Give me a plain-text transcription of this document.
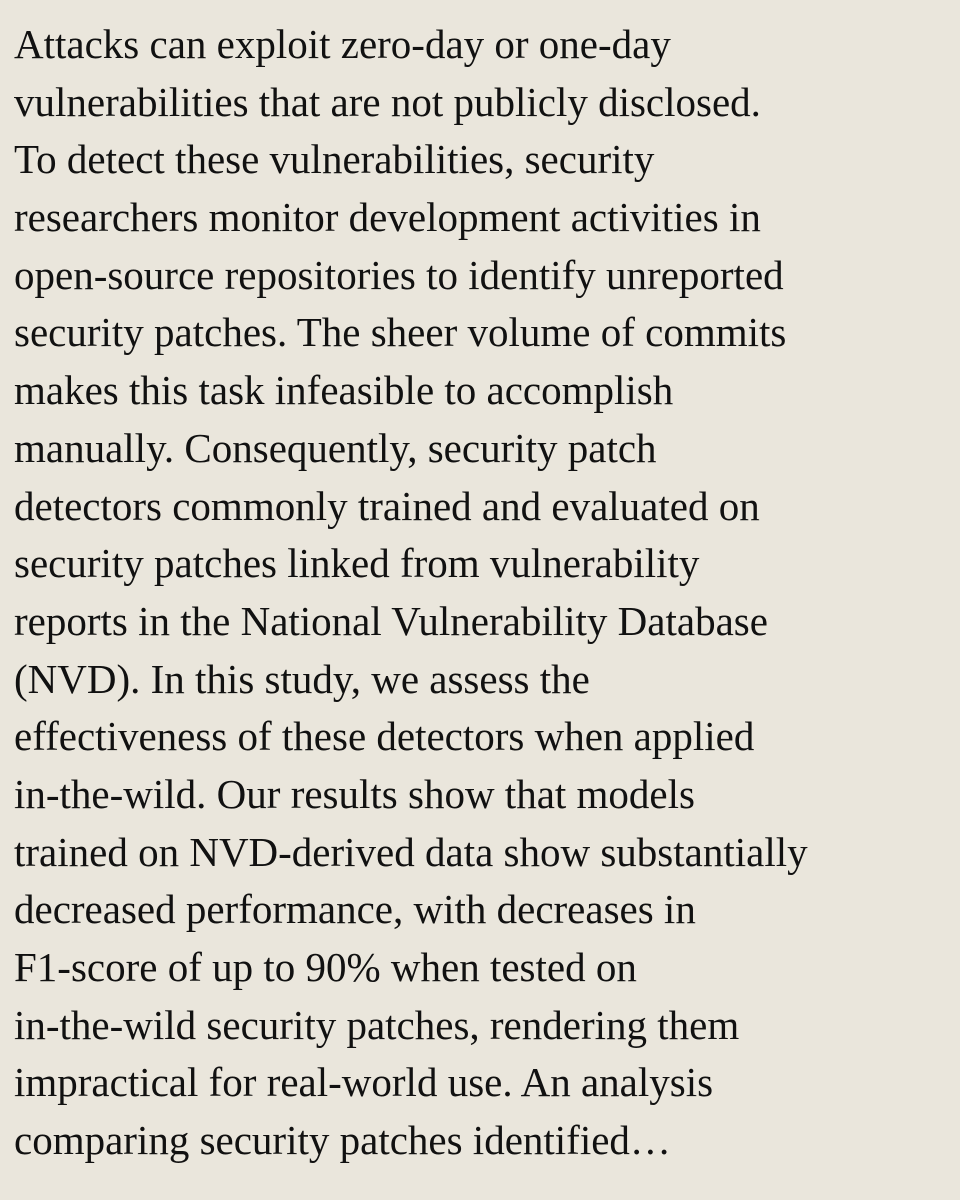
Attacks can exploit zero-day or one-day
vulnerabilities that are not publicly disclosed.
To detect these vulnerabilities, security
researchers monitor development activities in
open-source repositories to identify unreported
security patches. The sheer volume of commits
makes this task infeasible to accomplish
manually. Consequently, security patch
detectors commonly trained and evaluated on
security patches linked from vulnerability
reports in the National Vulnerability Database
(NVD). In this study, we assess the
effectiveness of these detectors when applied
in-the-wild. Our results show that models
trained on NVD-derived data show substantially
decreased performance, with decreases in
F1-score of up to 90% when tested on
in-the-wild security patches, rendering them
impractical for real-world use. An analysis
comparing security patches identified…
